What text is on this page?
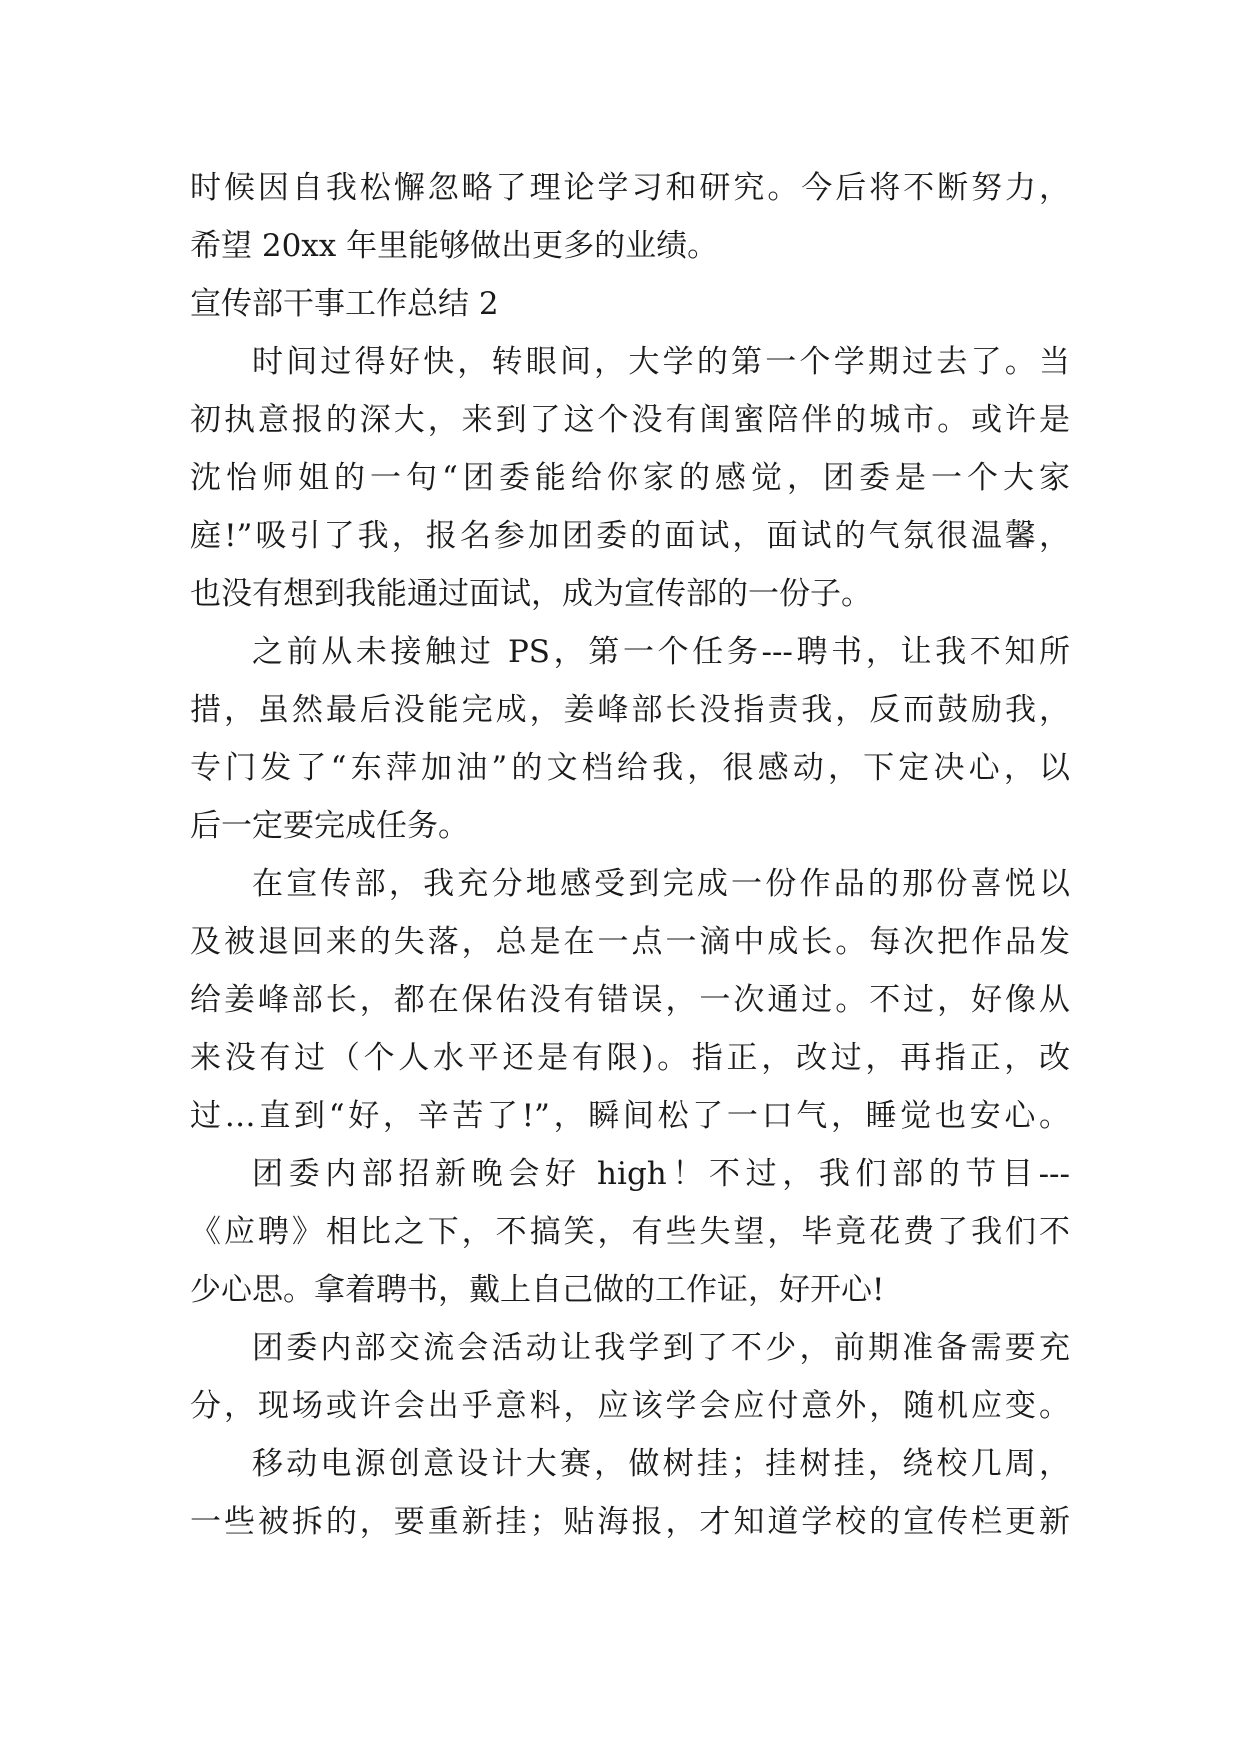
时候因自我松懈忽略了理论学习和研究。今后将不断努力，
希望 20xx 年里能够做出更多的业绩。
宣传部干事工作总结 2
时间过得好快，转眼间，大学的第一个学期过去了。当
初执意报的深大，来到了这个没有闺蜜陪伴的城市。或许是
沈怡师姐的一句“团委能给你家的感觉，团委是一个大家
庭!”吸引了我，报名参加团委的面试，面试的气氛很温馨，
也没有想到我能通过面试，成为宣传部的一份子。
之前从未接触过 PS，第一个任务---聘书，让我不知所
措，虽然最后没能完成，姜峰部长没指责我，反而鼓励我，
专门发了“东萍加油”的文档给我，很感动，下定决心，以
后一定要完成任务。
在宣传部，我充分地感受到完成一份作品的那份喜悦以
及被退回来的失落，总是在一点一滴中成长。每次把作品发
给姜峰部长，都在保佑没有错误，一次通过。不过，好像从
来没有过（个人水平还是有限)。指正，改过，再指正，改
过…直到“好，辛苦了!”，瞬间松了一口气，睡觉也安心。
团委内部招新晚会好 high！不过，我们部的节目---
《应聘》相比之下，不搞笑，有些失望，毕竟花费了我们不
少心思。拿着聘书，戴上自己做的工作证，好开心!
团委内部交流会活动让我学到了不少，前期准备需要充
分，现场或许会出乎意料，应该学会应付意外，随机应变。
移动电源创意设计大赛，做树挂；挂树挂，绕校几周，
一些被拆的，要重新挂；贴海报，才知道学校的宣传栏更新
